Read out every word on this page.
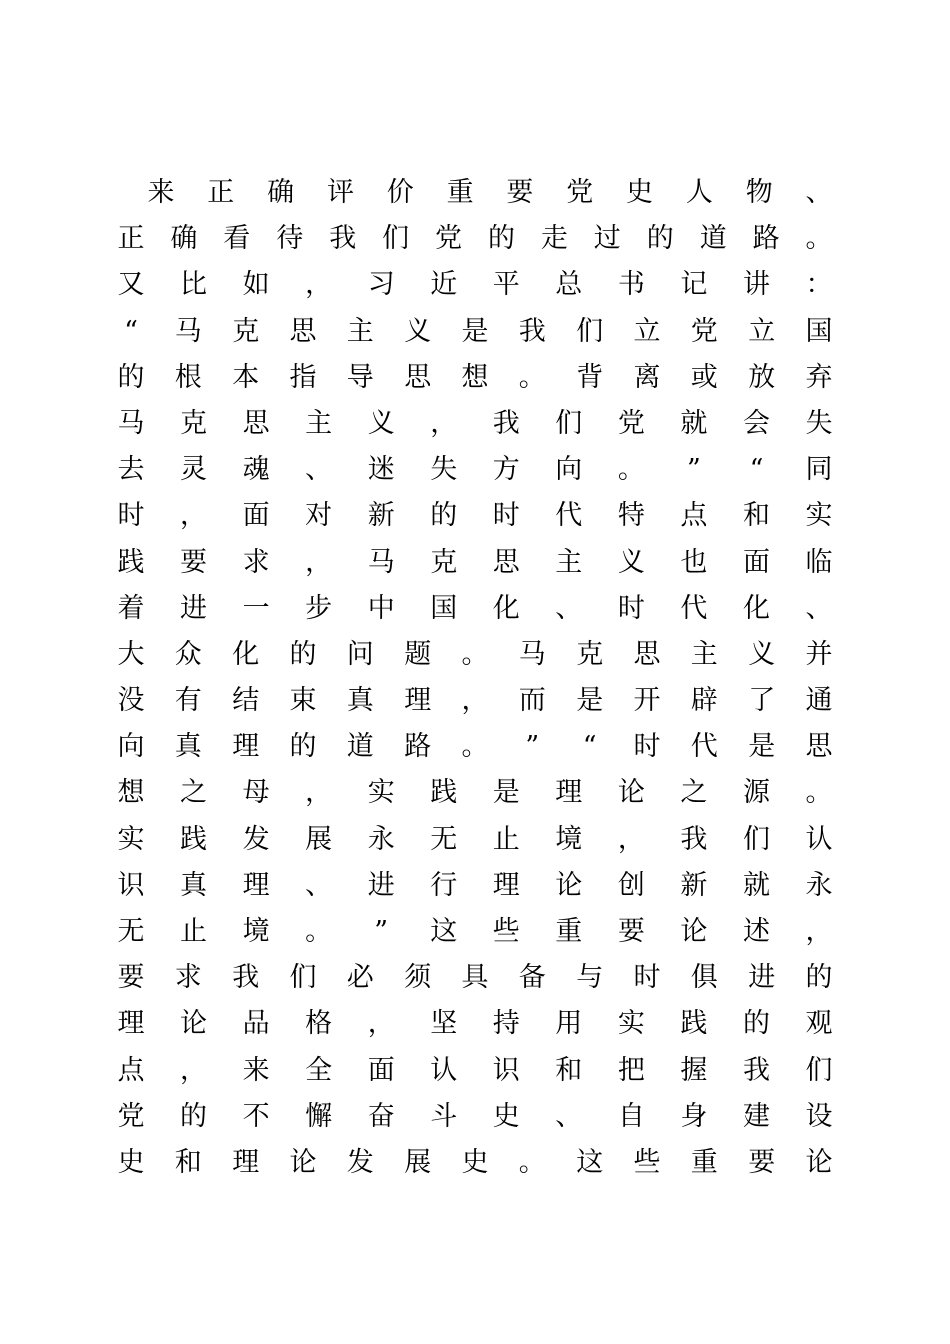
来 正 确 评 价 重 要 党 史 人 物 、
正 确 看 待 我 们 党 的 走 过 的 道 路 。
又 比 如 ， 习 近 平 总 书 记 讲 ：
“	马 克 思 主 义 是 我 们 立 党 立 国
的 根 本 指 导 思 想 。 背 离 或 放 弃
马 克 思 主 义 ， 我 们 党 就 会 失
去 灵 魂 、 迷 失 方 向 。	”	“	同
时 ， 面 对 新 的 时 代 特 点 和 实
践 要 求 ， 马 克 思 主 义 也 面 临
着 进 一 步 中 国 化 、 时 代 化 、
大 众 化 的 问 题 。 马 克 思 主 义 并
没 有 结 束 真 理 ， 而 是 开 辟 了 通
向 真 理 的 道 路 。	”	“	时 代 是 思
想 之 母 ， 实 践 是 理 论 之 源 。
实 践 发 展 永 无 止 境 ， 我 们 认
识 真 理 、 进 行 理 论 创 新 就 永
无 止 境 。	”	这 些 重 要 论 述 ，
要 求 我 们 必 须 具 备 与 时 俱 进 的
理 论 品 格 ， 坚 持 用 实 践 的 观
点 ， 来 全 面 认 识 和 把 握 我 们
党 的 不 懈 奋 斗 史 、 自 身 建 设
史 和 理 论 发 展 史 。 这 些 重 要 论
